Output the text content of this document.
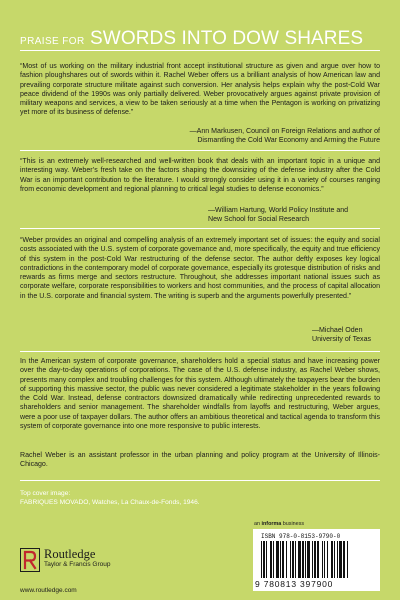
PRAISE FOR SWORDS INTO DOW SHARES

“Most of us working on the military industrial front accept institutional structure as given and argue over how to fashion ploughshares out of swords within it. Rachel Weber offers us a brilliant analysis of how American law and prevailing corporate structure militate against such conversion. Her analysis helps explain why the post-Cold War peace dividend of the 1990s was only partially delivered. Weber provocatively argues against private provision of military weapons and services, a view to be taken seriously at a time when the Pentagon is working on privatizing yet more of its business of defense.”

—Ann Markusen, Council on Foreign Relations and author of
Dismantling the Cold War Economy and Arming the Future

“This is an extremely well-researched and well-written book that deals with an important topic in a unique and interesting way. Weber’s fresh take on the factors shaping the downsizing of the defense industry after the Cold War is an important contribution to the literature. I would strongly consider using it in a variety of courses ranging from economic development and regional planning to critical legal studies to defense economics.”

—William Hartung, World Policy Institute and
New School for Social Research

“Weber provides an original and compelling analysis of an extremely important set of issues: the equity and social costs associated with the U.S. system of corporate governance and, more specifically, the equity and true efficiency of this system in the post-Cold War restructuring of the defense sector. The author deftly exposes key logical contradictions in the contemporary model of corporate governance, especially its grotesque distribution of risks and rewards as firms merge and sectors restructure. Throughout, she addresses important national issues such as corporate welfare, corporate responsibilities to workers and host communities, and the process of capital allocation in the U.S. corporate and financial system. The writing is superb and the arguments powerfully presented.”

—Michael Oden
University of Texas

In the American system of corporate governance, shareholders hold a special status and have increasing power over the day-to-day operations of corporations. The case of the U.S. defense industry, as Rachel Weber shows, presents many complex and troubling challenges for this system. Although ultimately the taxpayers bear the burden of supporting this massive sector, the public was never considered a legitimate stakeholder in the years following the Cold War. Instead, defense contractors downsized dramatically while redirecting unprecedented rewards to shareholders and senior management. The shareholder windfalls from layoffs and restructuring, Weber argues, were a poor use of taxpayer dollars. The author offers an ambitious theoretical and tactical agenda to transform this system of corporate governance into one more responsive to public interests.

Rachel Weber is an assistant professor in the urban planning and policy program at the University of Illinois-Chicago.

Top cover image:
FABRIQUES MOVADO, Watches, La Chaux-de-Fonds, 1946.
an informa business
Routledge
Taylor & Francis Group
www.routledge.com
ISBN 978-0-8153-9790-0
9 780813 397900
